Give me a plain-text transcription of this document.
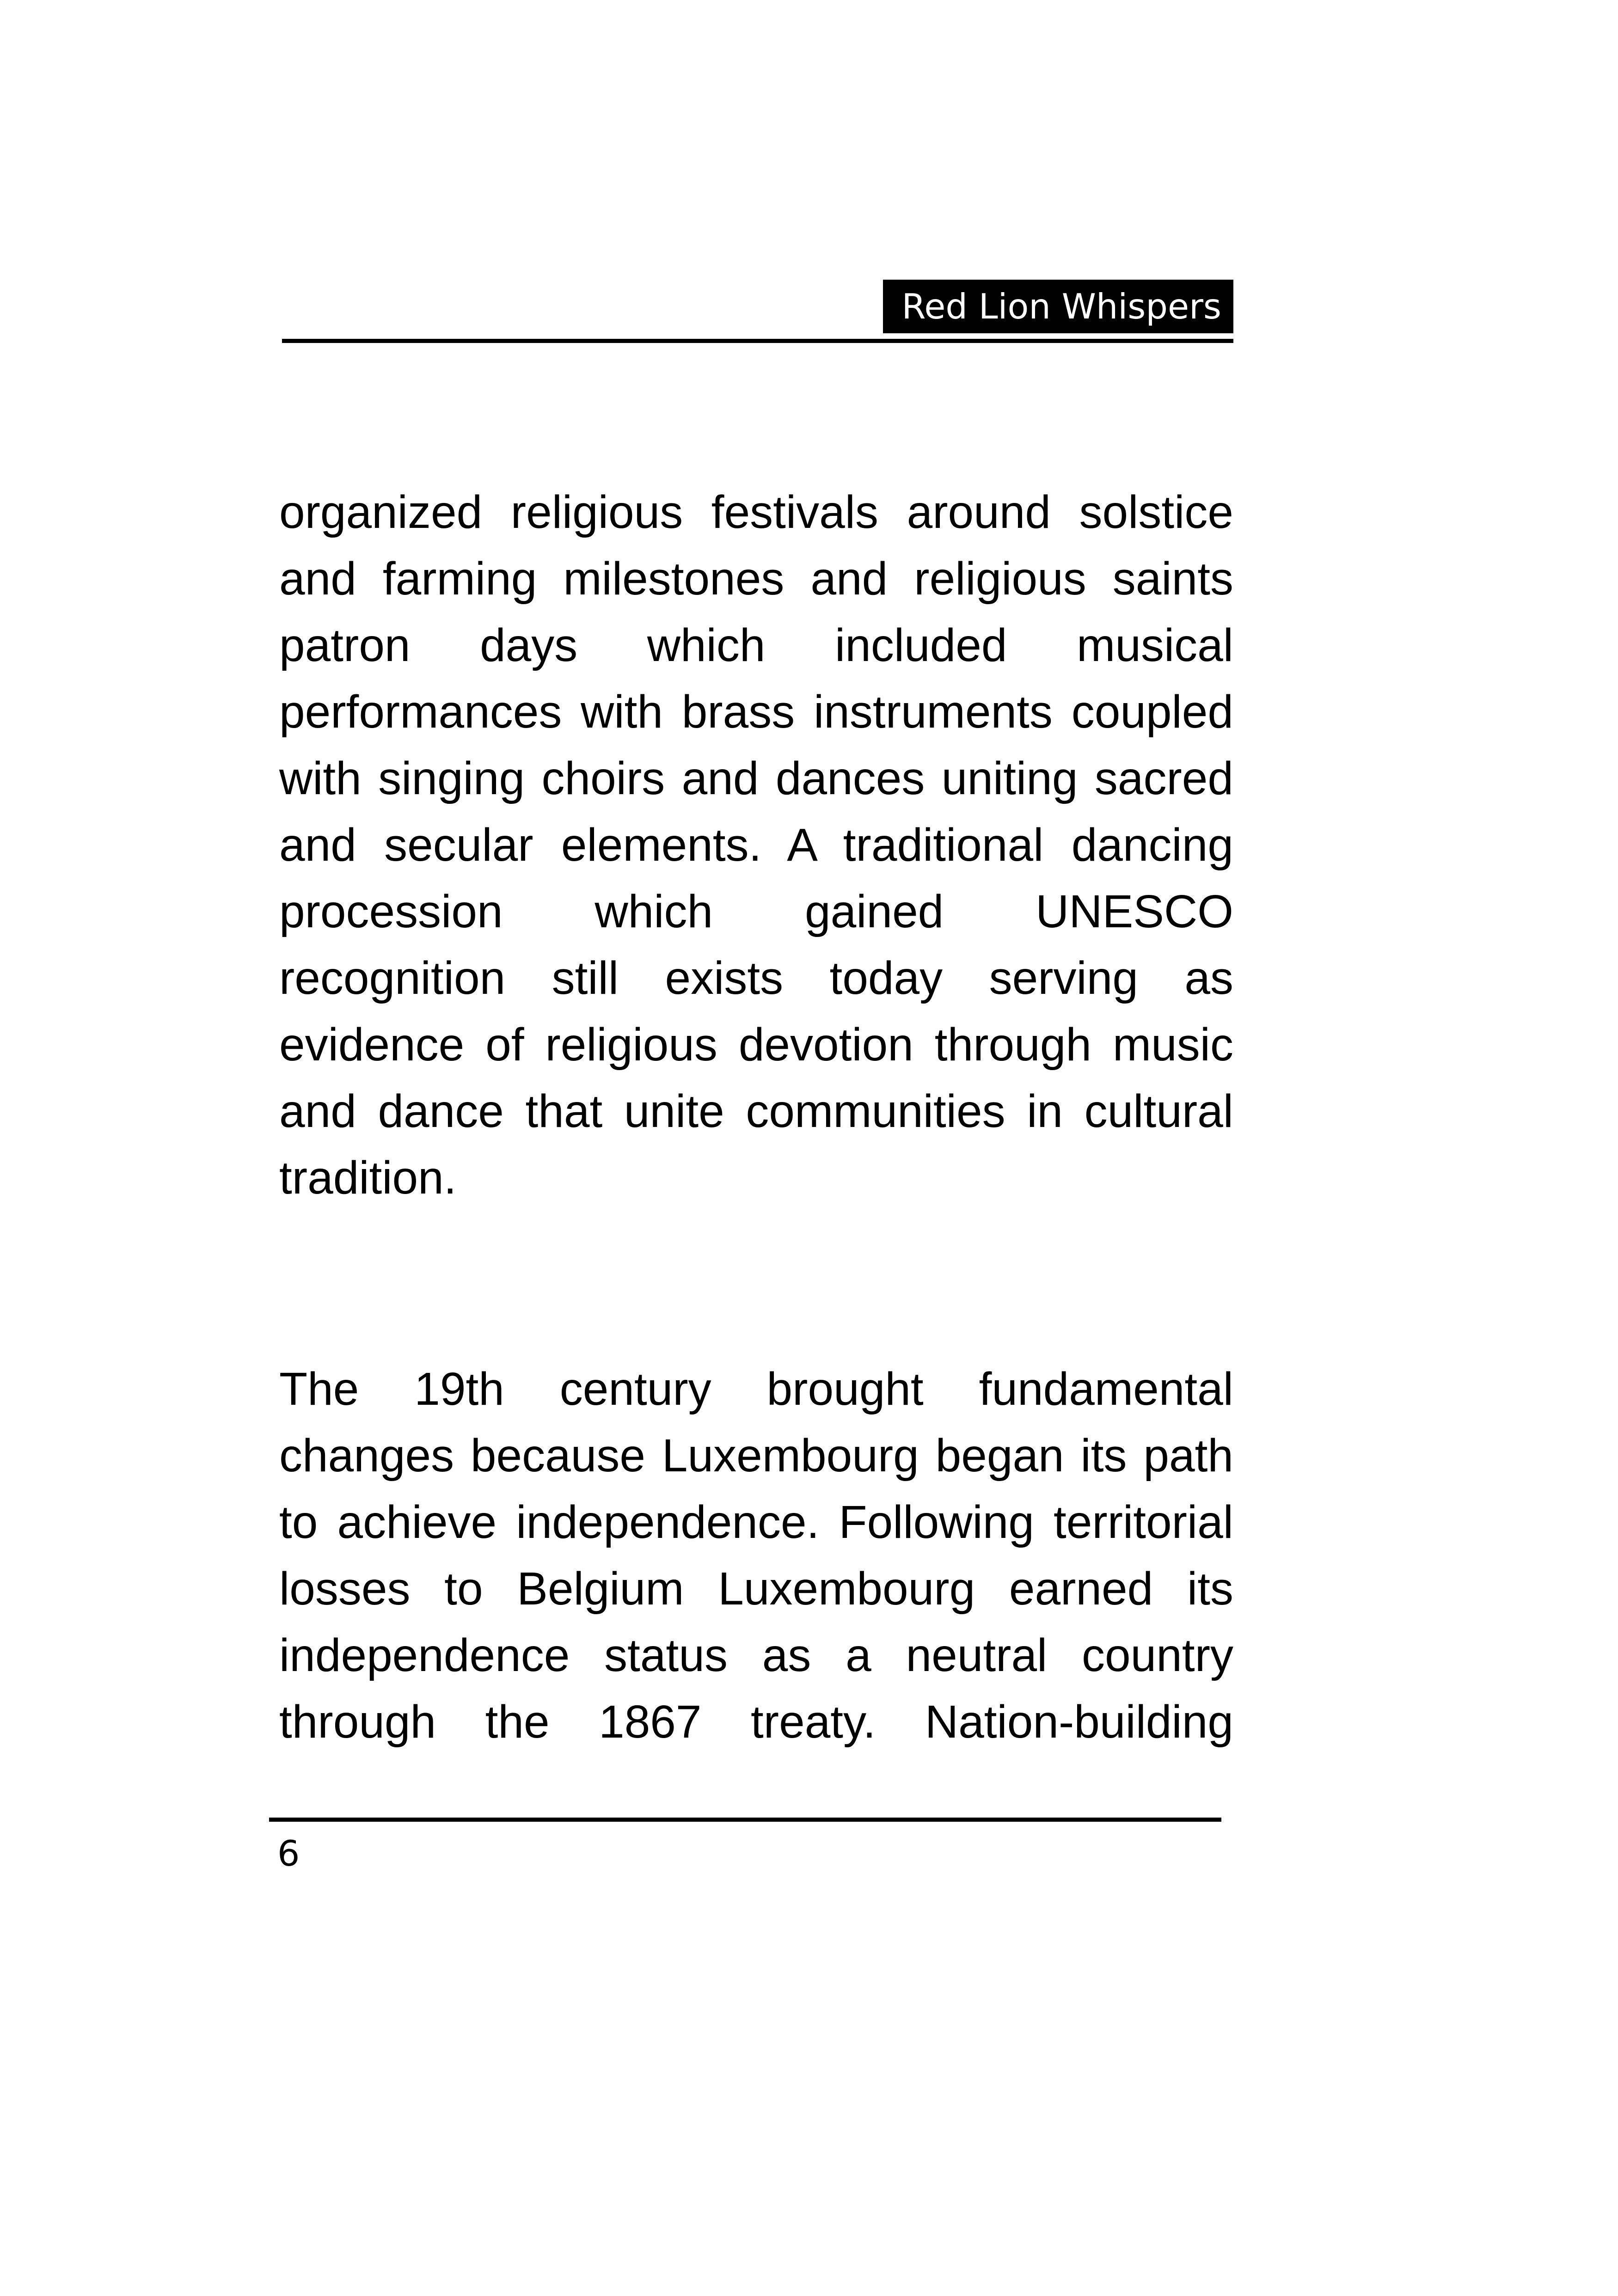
Red Lion Whispers
organized religious festivals around solstice
and farming milestones and religious saints
patron days which included musical
performances with brass instruments coupled
with singing choirs and dances uniting sacred
and secular elements. A traditional dancing
procession which gained UNESCO
recognition still exists today serving as
evidence of religious devotion through music
and dance that unite communities in cultural
tradition.
The 19th century brought fundamental
changes because Luxembourg began its path
to achieve independence. Following territorial
losses to Belgium Luxembourg earned its
independence status as a neutral country
through the 1867 treaty. Nation-building
6
